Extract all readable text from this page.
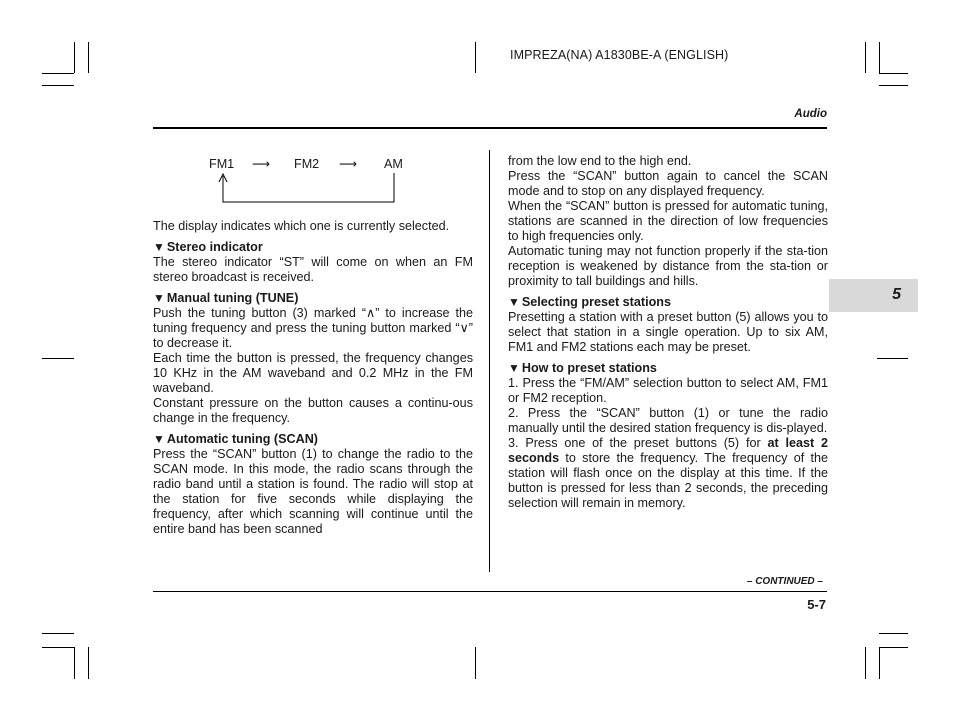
IMPREZA(NA) A1830BE-A (ENGLISH)
Audio
5
FM1 ⟶ FM2 ⟶ AM

The display indicates which one is currently selected.

▼ Stereo indicator

The stereo indicator “ST” will come on when an FM stereo broadcast is received.

▼ Manual tuning (TUNE)

Push the tuning button (3) marked “∧” to increase the tuning frequency and press the tuning button marked “∨” to decrease it.

Each time the button is pressed, the frequency changes 10 KHz in the AM waveband and 0.2 MHz in the FM waveband.

Constant pressure on the button causes a continu-ous change in the frequency.

▼ Automatic tuning (SCAN)

Press the “SCAN” button (1) to change the radio to the SCAN mode. In this mode, the radio scans through the radio band until a station is found. The radio will stop at the station for five seconds while displaying the frequency, after which scanning will continue until the entire band has been scanned

from the low end to the high end.

Press the “SCAN” button again to cancel the SCAN mode and to stop on any displayed frequency.

When the “SCAN” button is pressed for automatic tuning, stations are scanned in the direction of low frequencies to high frequencies only.

Automatic tuning may not function properly if the sta-tion reception is weakened by distance from the sta-tion or proximity to tall buildings and hills.

▼ Selecting preset stations

Presetting a station with a preset button (5) allows you to select that station in a single operation. Up to six AM, FM1 and FM2 stations each may be preset.

▼ How to preset stations

1. Press the “FM/AM” selection button to select AM, FM1 or FM2 reception.

2. Press the “SCAN” button (1) or tune the radio manually until the desired station frequency is dis-played.

3. Press one of the preset buttons (5) for at least 2 seconds to store the frequency. The frequency of the station will flash once on the display at this time. If the button is pressed for less than 2 seconds, the preceding selection will remain in memory.

– CONTINUED –
5-7
